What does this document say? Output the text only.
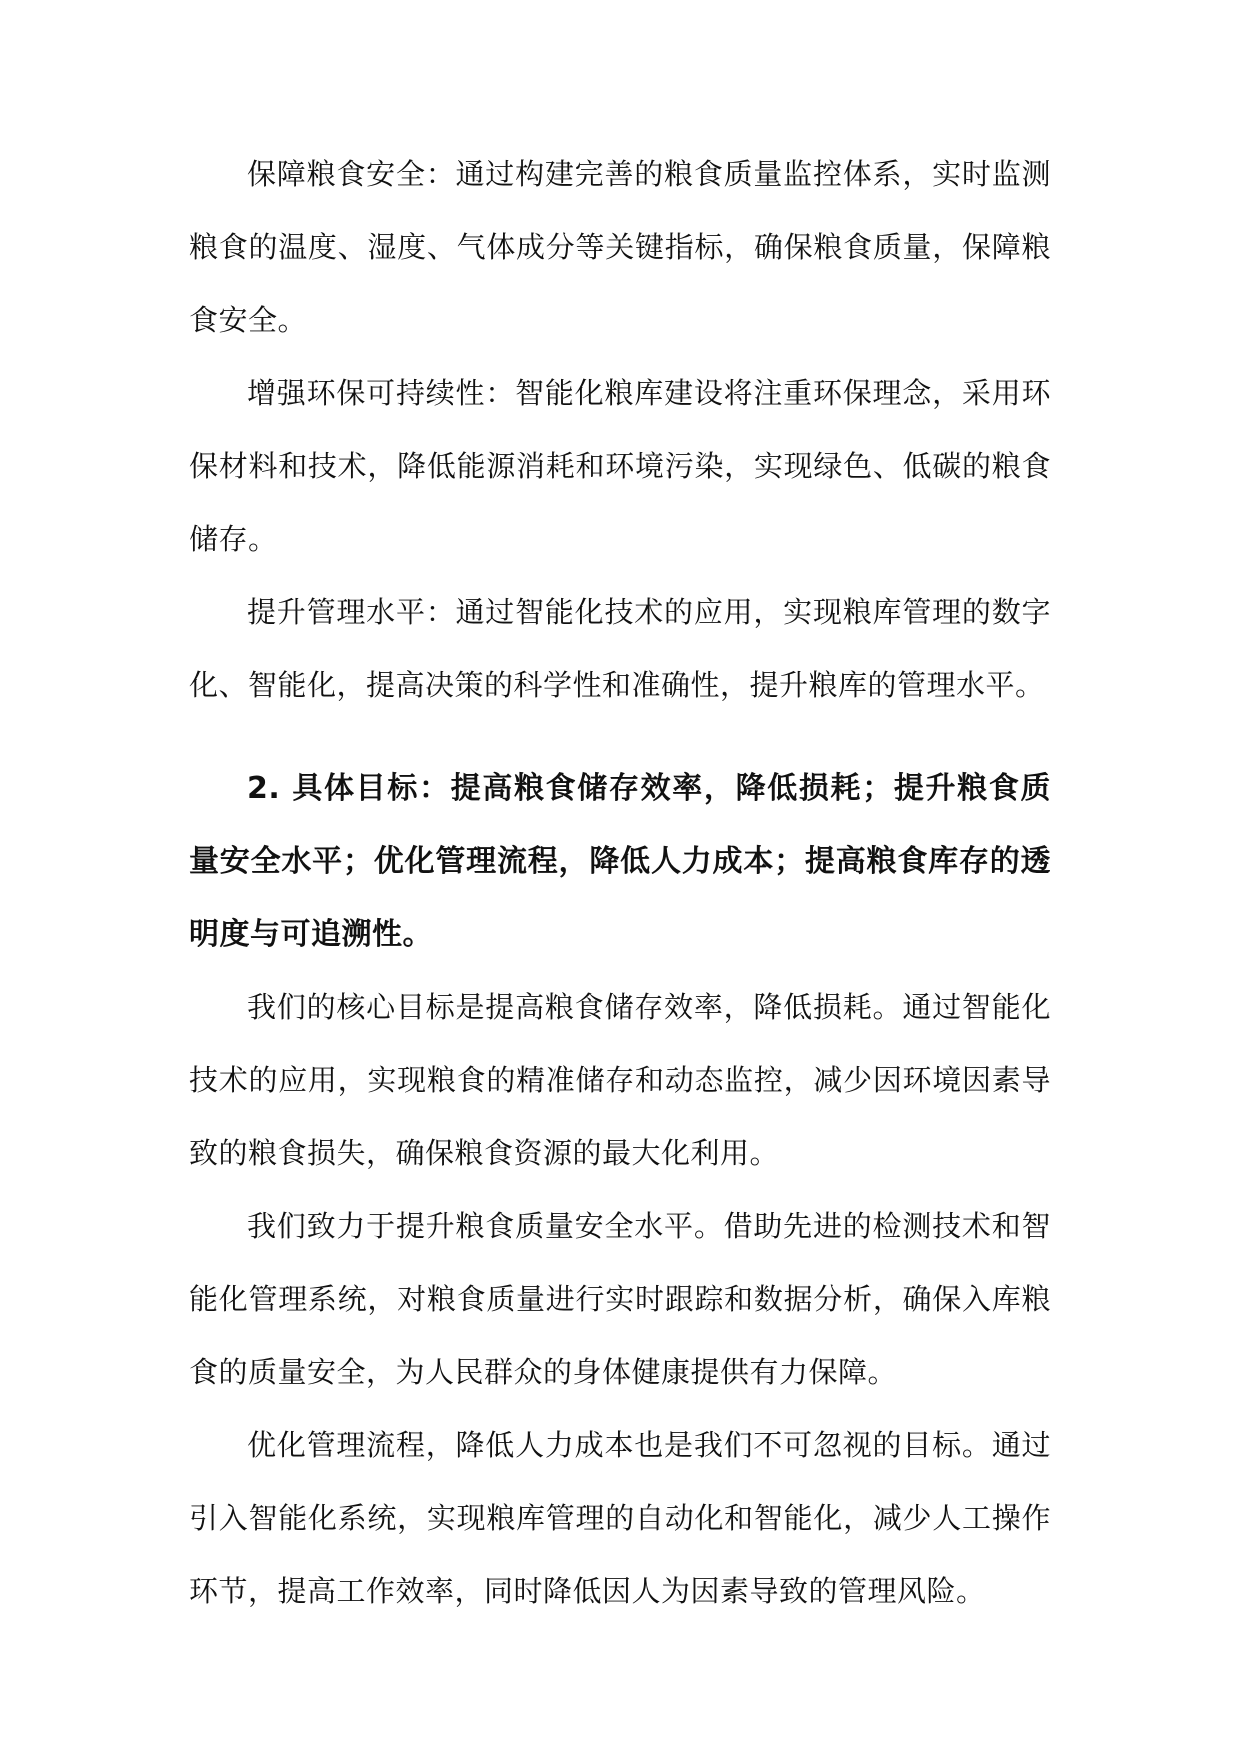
保障粮食安全：通过构建完善的粮食质量监控体系，实时监测粮食的温度、湿度、气体成分等关键指标，确保粮食质量，保障粮食安全。

增强环保可持续性：智能化粮库建设将注重环保理念，采用环保材料和技术，降低能源消耗和环境污染，实现绿色、低碳的粮食储存。

提升管理水平：通过智能化技术的应用，实现粮库管理的数字化、智能化，提高决策的科学性和准确性，提升粮库的管理水平。

2. 具体目标：提高粮食储存效率，降低损耗；提升粮食质量安全水平；优化管理流程，降低人力成本；提高粮食库存的透明度与可追溯性。

我们的核心目标是提高粮食储存效率，降低损耗。通过智能化技术的应用，实现粮食的精准储存和动态监控，减少因环境因素导致的粮食损失，确保粮食资源的最大化利用。

我们致力于提升粮食质量安全水平。借助先进的检测技术和智能化管理系统，对粮食质量进行实时跟踪和数据分析，确保入库粮食的质量安全，为人民群众的身体健康提供有力保障。

优化管理流程，降低人力成本也是我们不可忽视的目标。通过引入智能化系统，实现粮库管理的自动化和智能化，减少人工操作环节，提高工作效率，同时降低因人为因素导致的管理风险。
